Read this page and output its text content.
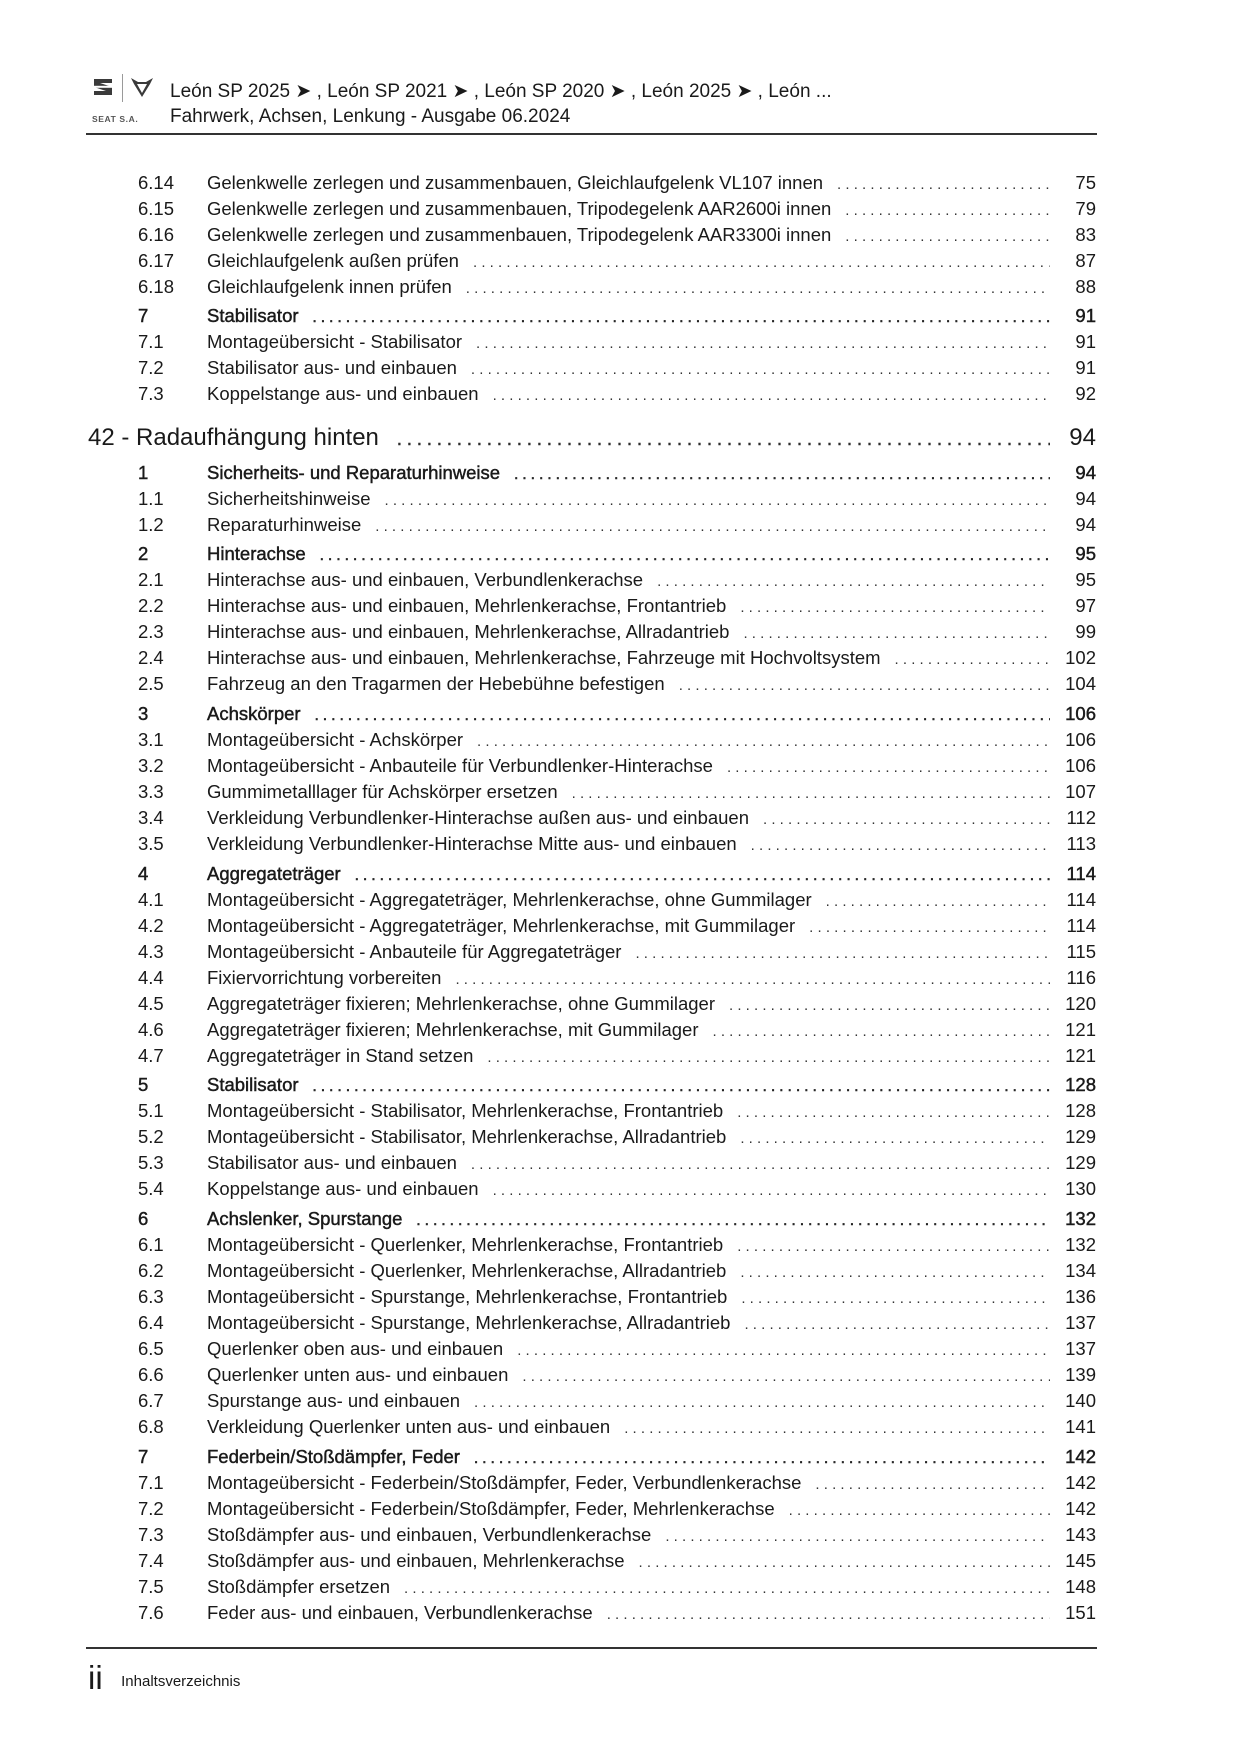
SEAT S.A.
León SP 2025 ➤ , León SP 2021 ➤ , León SP 2020 ➤ , León 2025 ➤ , León ...
Fahrwerk, Achsen, Lenkung - Ausgabe 06.2024
6.14	Gelenkwelle zerlegen und zusammenbauen, Gleichlaufgelenk VL107 innen . . .	75
6.15	Gelenkwelle zerlegen und zusammenbauen, Tripodegelenk AAR2600i innen . . .	79
6.16	Gelenkwelle zerlegen und zusammenbauen, Tripodegelenk AAR3300i innen . . .	83
6.17	Gleichlaufgelenk außen prüfen . . .	87
6.18	Gleichlaufgelenk innen prüfen . . .	88
7	Stabilisator . . .	91
7.1	Montageübersicht - Stabilisator . . .	91
7.2	Stabilisator aus- und einbauen . . .	91
7.3	Koppelstange aus- und einbauen . . .	92
42 - Radaufhängung hinten . . .	94
1	Sicherheits- und Reparaturhinweise . . .	94
1.1	Sicherheitshinweise . . .	94
1.2	Reparaturhinweise . . .	94
2	Hinterachse . . .	95
2.1	Hinterachse aus- und einbauen, Verbundlenkerachse . . .	95
2.2	Hinterachse aus- und einbauen, Mehrlenkerachse, Frontantrieb . . .	97
2.3	Hinterachse aus- und einbauen, Mehrlenkerachse, Allradantrieb . . .	99
2.4	Hinterachse aus- und einbauen, Mehrlenkerachse, Fahrzeuge mit Hochvoltsystem . . .	102
2.5	Fahrzeug an den Tragarmen der Hebebühne befestigen . . .	104
3	Achskörper . . .	106
3.1	Montageübersicht - Achskörper . . .	106
3.2	Montageübersicht - Anbauteile für Verbundlenker-Hinterachse . . .	106
3.3	Gummimetalllager für Achskörper ersetzen . . .	107
3.4	Verkleidung Verbundlenker-Hinterachse außen aus- und einbauen . . .	112
3.5	Verkleidung Verbundlenker-Hinterachse Mitte aus- und einbauen . . .	113
4	Aggregateträger . . .	114
4.1	Montageübersicht - Aggregateträger, Mehrlenkerachse, ohne Gummilager . . .	114
4.2	Montageübersicht - Aggregateträger, Mehrlenkerachse, mit Gummilager . . .	114
4.3	Montageübersicht - Anbauteile für Aggregateträger . . .	115
4.4	Fixiervorrichtung vorbereiten . . .	116
4.5	Aggregateträger fixieren; Mehrlenkerachse, ohne Gummilager . . .	120
4.6	Aggregateträger fixieren; Mehrlenkerachse, mit Gummilager . . .	121
4.7	Aggregateträger in Stand setzen . . .	121
5	Stabilisator . . .	128
5.1	Montageübersicht - Stabilisator, Mehrlenkerachse, Frontantrieb . . .	128
5.2	Montageübersicht - Stabilisator, Mehrlenkerachse, Allradantrieb . . .	129
5.3	Stabilisator aus- und einbauen . . .	129
5.4	Koppelstange aus- und einbauen . . .	130
6	Achslenker, Spurstange . . .	132
6.1	Montageübersicht - Querlenker, Mehrlenkerachse, Frontantrieb . . .	132
6.2	Montageübersicht - Querlenker, Mehrlenkerachse, Allradantrieb . . .	134
6.3	Montageübersicht - Spurstange, Mehrlenkerachse, Frontantrieb . . .	136
6.4	Montageübersicht - Spurstange, Mehrlenkerachse, Allradantrieb . . .	137
6.5	Querlenker oben aus- und einbauen . . .	137
6.6	Querlenker unten aus- und einbauen . . .	139
6.7	Spurstange aus- und einbauen . . .	140
6.8	Verkleidung Querlenker unten aus- und einbauen . . .	141
7	Federbein/Stoßdämpfer, Feder . . .	142
7.1	Montageübersicht - Federbein/Stoßdämpfer, Feder, Verbundlenkerachse . . .	142
7.2	Montageübersicht - Federbein/Stoßdämpfer, Feder, Mehrlenkerachse . . .	142
7.3	Stoßdämpfer aus- und einbauen, Verbundlenkerachse . . .	143
7.4	Stoßdämpfer aus- und einbauen, Mehrlenkerachse . . .	145
7.5	Stoßdämpfer ersetzen . . .	148
7.6	Feder aus- und einbauen, Verbundlenkerachse . . .	151
ii Inhaltsverzeichnis
